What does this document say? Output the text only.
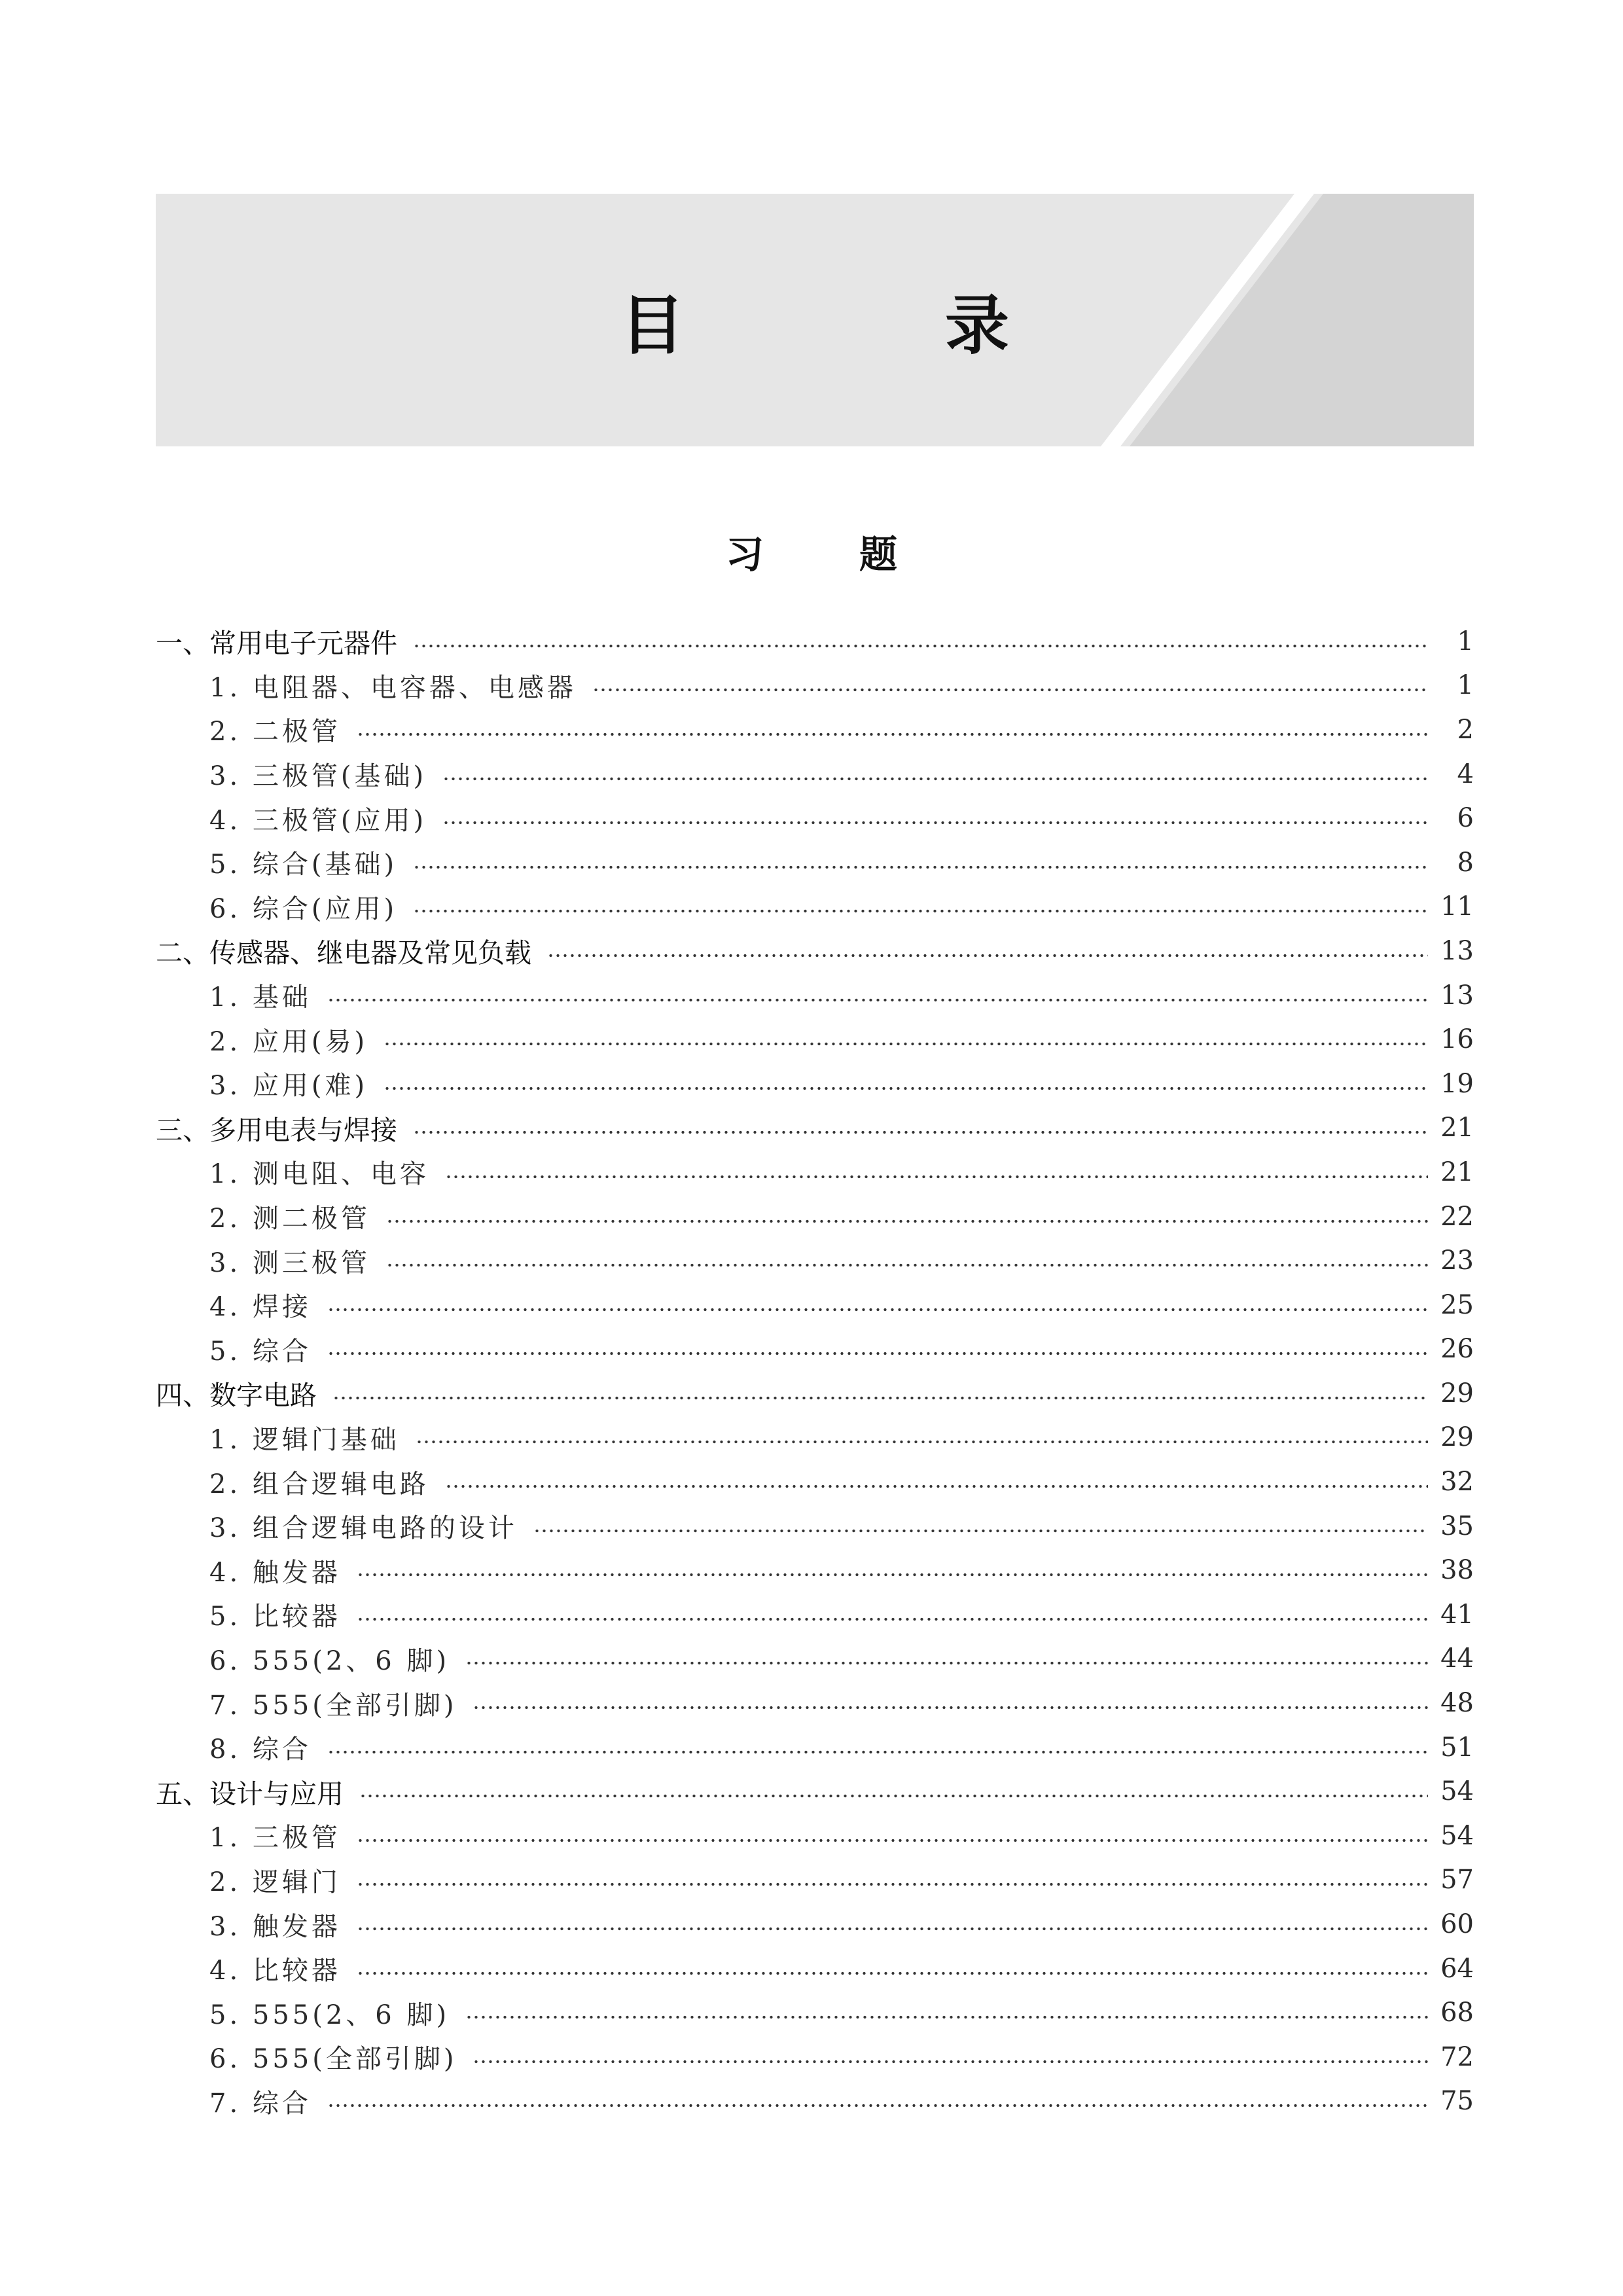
目　录
习　题
一、常用电子元器件	1
1. 电阻器、电容器、电感器	1
2. 二极管	2
3. 三极管(基础)	4
4. 三极管(应用)	6
5. 综合(基础)	8
6. 综合(应用)	11
二、传感器、继电器及常见负载	13
1. 基础	13
2. 应用(易)	16
3. 应用(难)	19
三、多用电表与焊接	21
1. 测电阻、电容	21
2. 测二极管	22
3. 测三极管	23
4. 焊接	25
5. 综合	26
四、数字电路	29
1. 逻辑门基础	29
2. 组合逻辑电路	32
3. 组合逻辑电路的设计	35
4. 触发器	38
5. 比较器	41
6. 555(2、6 脚)	44
7. 555(全部引脚)	48
8. 综合	51
五、设计与应用	54
1. 三极管	54
2. 逻辑门	57
3. 触发器	60
4. 比较器	64
5. 555(2、6 脚)	68
6. 555(全部引脚)	72
7. 综合	75
